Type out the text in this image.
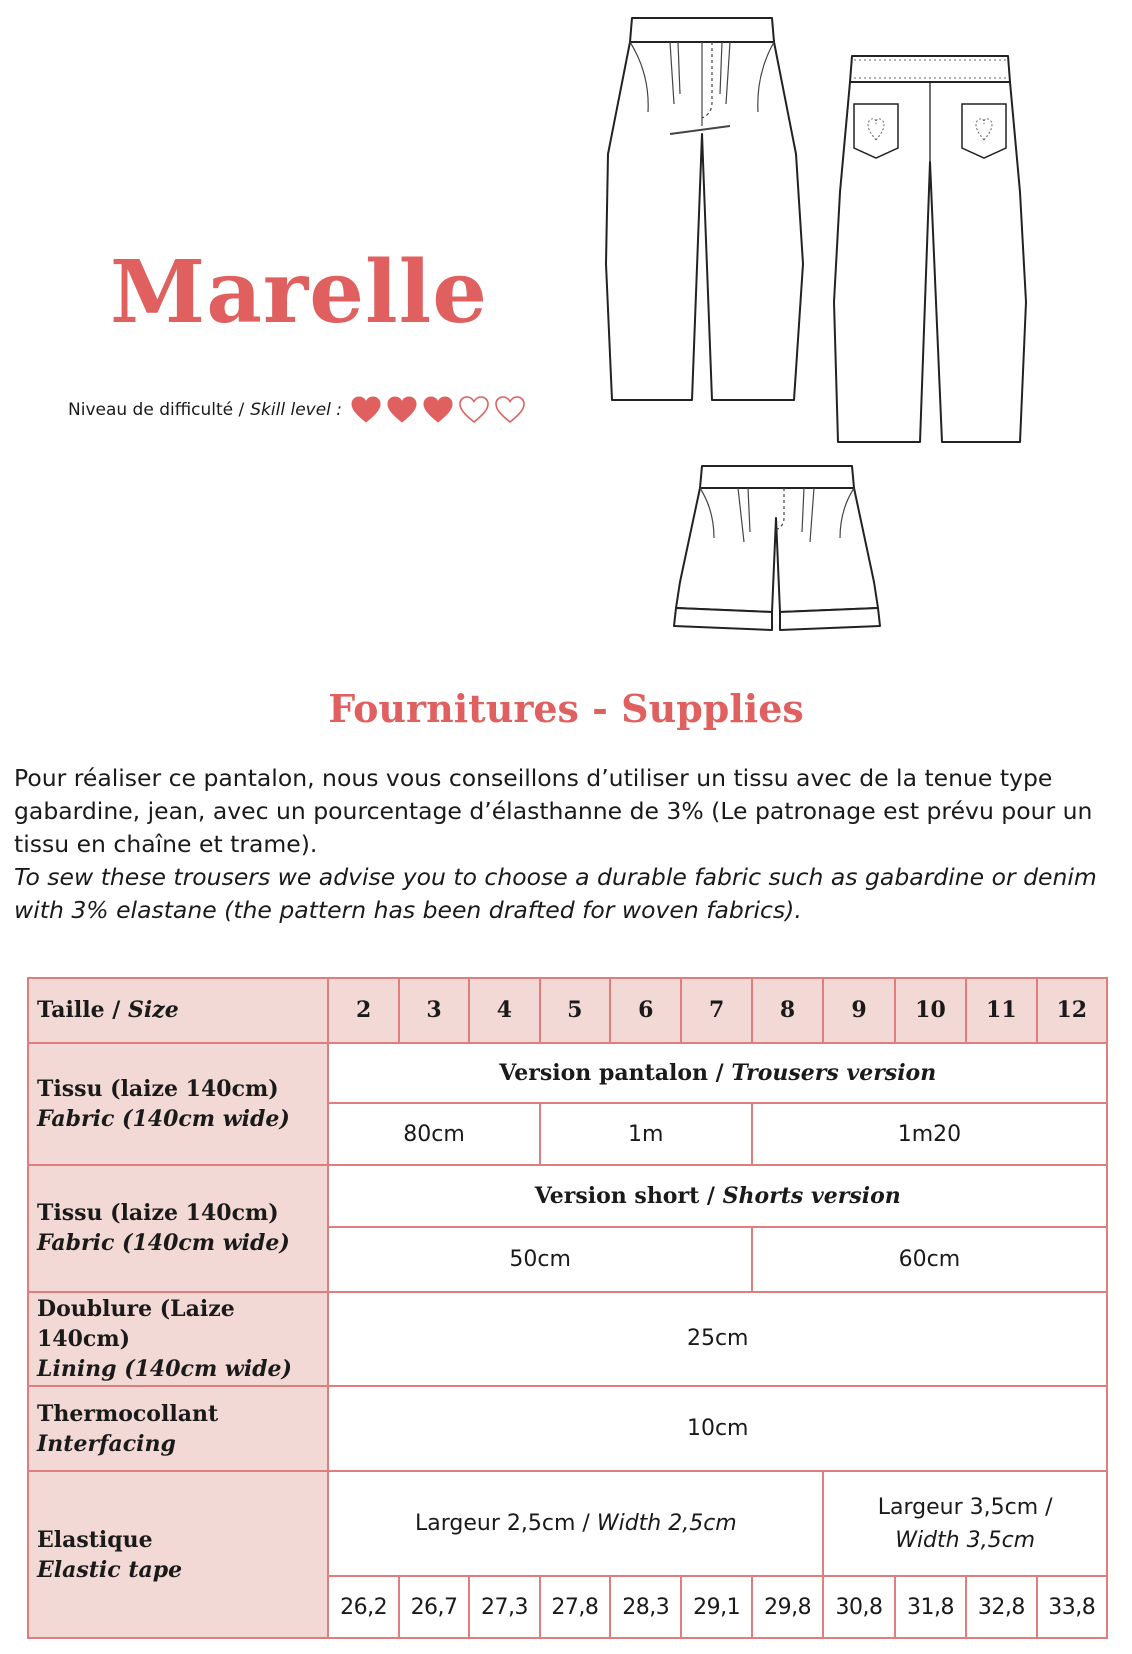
Marelle
Niveau de difficulté / Skill level :
Fournitures - Supplies

Pour réaliser ce pantalon, nous vous conseillons d’utiliser un tissu avec de la tenue type gabardine, jean, avec un pourcentage d’élasthanne de 3% (Le patronage est prévu pour un tissu en chaîne et trame).

To sew these trousers we advise you to choose a durable fabric such as gabardine or denim with 3% elastane (the pattern has been drafted for woven fabrics).

Taille / Size	2	3	4	5	6	7	8	9	10	11	12
Tissu (laize 140cm)
Fabric (140cm wide)	Version pantalon / Trousers version										
	80cm			1m			1m20				
Tissu (laize 140cm)
Fabric (140cm wide)	Version short / Shorts version										
	50cm						60cm				
Doublure (Laize 140cm)
Lining (140cm wide)	25cm										
Thermocollant
Interfacing	10cm										
Elastique
Elastic tape	Largeur 2,5cm / Width 2,5cm							Largeur 3,5cm /
Width 3,5cm			
	26,2	26,7	27,3	27,8	28,3	29,1	29,8	30,8	31,8	32,8	33,8
